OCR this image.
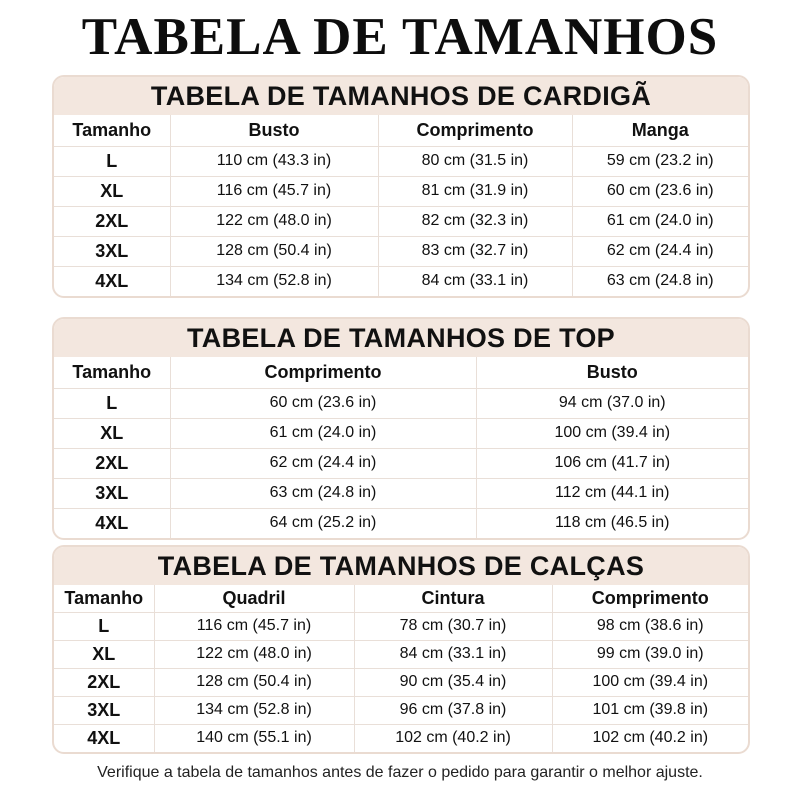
TABELA DE TAMANHOS
TABELA DE TAMANHOS DE CARDIGÃ
Tamanho	Busto	Comprimento	Manga
L	110 cm (43.3 in)	80 cm (31.5 in)	59 cm (23.2 in)
XL	116 cm (45.7 in)	81 cm (31.9 in)	60 cm (23.6 in)
2XL	122 cm (48.0 in)	82 cm (32.3 in)	61 cm (24.0 in)
3XL	128 cm (50.4 in)	83 cm (32.7 in)	62 cm (24.4 in)
4XL	134 cm (52.8 in)	84 cm (33.1 in)	63 cm (24.8 in)
TABELA DE TAMANHOS DE TOP
Tamanho	Comprimento	Busto
L	60 cm (23.6 in)	94 cm (37.0 in)
XL	61 cm (24.0 in)	100 cm (39.4 in)
2XL	62 cm (24.4 in)	106 cm (41.7 in)
3XL	63 cm (24.8 in)	112 cm (44.1 in)
4XL	64 cm (25.2 in)	118 cm (46.5 in)
TABELA DE TAMANHOS DE CALÇAS
Tamanho	Quadril	Cintura	Comprimento
L	116 cm (45.7 in)	78 cm (30.7 in)	98 cm (38.6 in)
XL	122 cm (48.0 in)	84 cm (33.1 in)	99 cm (39.0 in)
2XL	128 cm (50.4 in)	90 cm (35.4 in)	100 cm (39.4 in)
3XL	134 cm (52.8 in)	96 cm (37.8 in)	101 cm (39.8 in)
4XL	140 cm (55.1 in)	102 cm (40.2 in)	102 cm (40.2 in)
Verifique a tabela de tamanhos antes de fazer o pedido para garantir o melhor ajuste.
